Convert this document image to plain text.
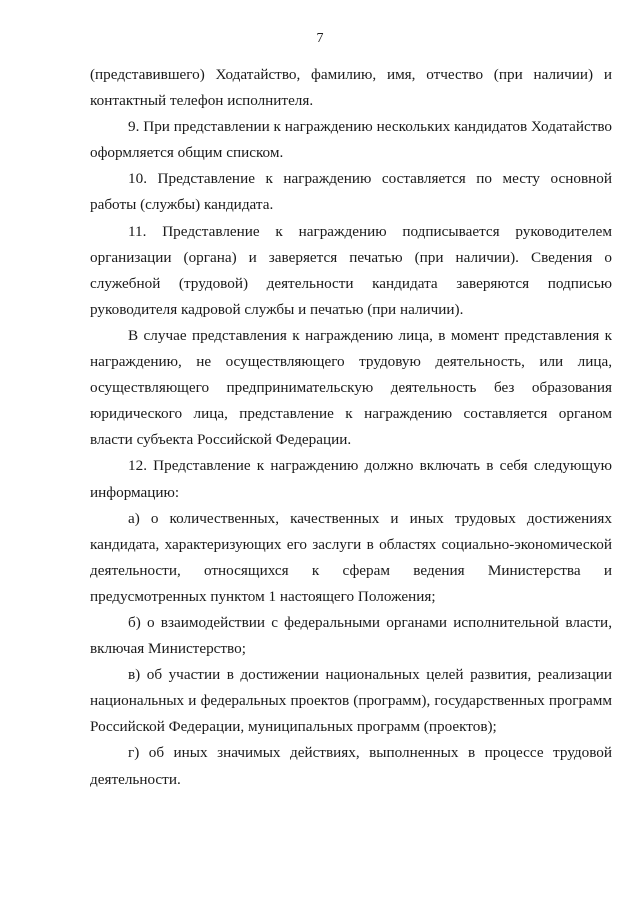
7

(представившего) Ходатайство, фамилию, имя, отчество (при наличии) и контактный телефон исполнителя.

9. При представлении к награждению нескольких кандидатов Ходатайство оформляется общим списком.

10. Представление к награждению составляется по месту основной работы (службы) кандидата.

11. Представление к награждению подписывается руководителем организации (органа) и заверяется печатью (при наличии). Сведения о служебной (трудовой) деятельности кандидата заверяются подписью руководителя кадровой службы и печатью (при наличии).

В случае представления к награждению лица, в момент представления к награждению, не осуществляющего трудовую деятельность, или лица, осуществляющего предпринимательскую деятельность без образования юридического лица, представление к награждению составляется органом власти субъекта Российской Федерации.

12. Представление к награждению должно включать в себя следующую информацию:

а) о количественных, качественных и иных трудовых достижениях кандидата, характеризующих его заслуги в областях социально-экономической деятельности, относящихся к сферам ведения Министерства и предусмотренных пунктом 1 настоящего Положения;

б) о взаимодействии с федеральными органами исполнительной власти, включая Министерство;

в) об участии в достижении национальных целей развития, реализации национальных и федеральных проектов (программ), государственных программ Российской Федерации, муниципальных программ (проектов);

г) об иных значимых действиях, выполненных в процессе трудовой деятельности.
